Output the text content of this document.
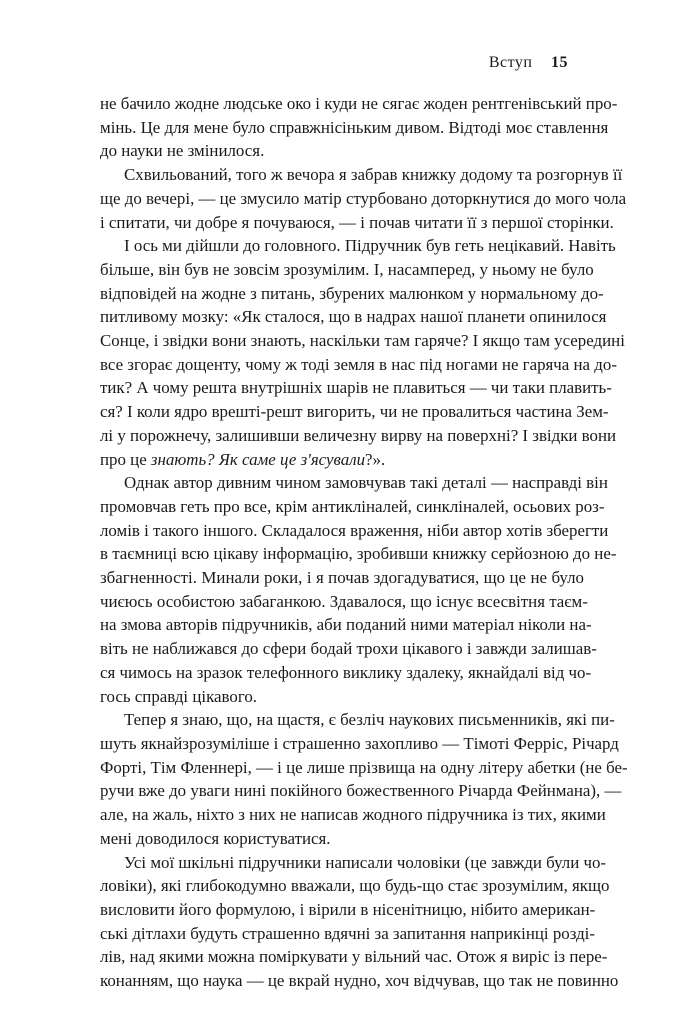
Вступ 15

не бачило жодне людське око і куди не сягає жоден рентгенівський про-
мінь. Це для мене було справжнісіньким дивом. Відтоді моє ставлення
до науки не змінилося.

Схвильований, того ж вечора я забрав книжку додому та розгорнув її
ще до вечері, — це змусило матір стурбовано доторкнутися до мого чола
і спитати, чи добре я почуваюся, — і почав читати її з першої сторінки.

І ось ми дійшли до головного. Підручник був геть нецікавий. Навіть
більше, він був не зовсім зрозумілим. І, насамперед, у ньому не було
відповідей на жодне з питань, збурених малюнком у нормальному до-
питливому мозку: «Як сталося, що в надрах нашої планети опинилося
Сонце, і звідки вони знають, наскільки там гаряче? І якщо там усередині
все згорає дощенту, чому ж тоді земля в нас під ногами не гаряча на до-
тик? А чому решта внутрішніх шарів не плавиться — чи таки плавить-
ся? І коли ядро врешті-решт вигорить, чи не провалиться частина Зем-
лі у порожнечу, залишивши величезну вирву на поверхні? І звідки вони
про це знають? Як саме це з'ясували?».

Однак автор дивним чином замовчував такі деталі — насправді він
промовчав геть про все, крім антикліналей, синкліналей, осьових роз-
ломів і такого іншого. Складалося враження, ніби автор хотів зберегти
в таємниці всю цікаву інформацію, зробивши книжку серйозною до не-
збагненності. Минали роки, і я почав здогадуватися, що це не було
чиєюсь особистою забаганкою. Здавалося, що існує всесвітня таєм-
на змова авторів підручників, аби поданий ними матеріал ніколи на-
віть не наближався до сфери бодай трохи цікавого і завжди залишав-
ся чимось на зразок телефонного виклику здалеку, якнайдалі від чо-
гось справді цікавого.

Тепер я знаю, що, на щастя, є безліч наукових письменників, які пи-
шуть якнайзрозуміліше і страшенно захопливо — Тімоті Ферріс, Річард
Форті, Тім Фленнері, — і це лише прізвища на одну літеру абетки (не бе-
ручи вже до уваги нині покійного божественного Річарда Фейнмана), —
але, на жаль, ніхто з них не написав жодного підручника із тих, якими
мені доводилося користуватися.

Усі мої шкільні підручники написали чоловіки (це завжди були чо-
ловіки), які глибокодумно вважали, що будь-що стає зрозумілим, якщо
висловити його формулою, і вірили в нісенітницю, нібито американ-
ські дітлахи будуть страшенно вдячні за запитання наприкінці розді-
лів, над якими можна поміркувати у вільний час. Отож я виріс із пере-
конанням, що наука — це вкрай нудно, хоч відчував, що так не повинно
